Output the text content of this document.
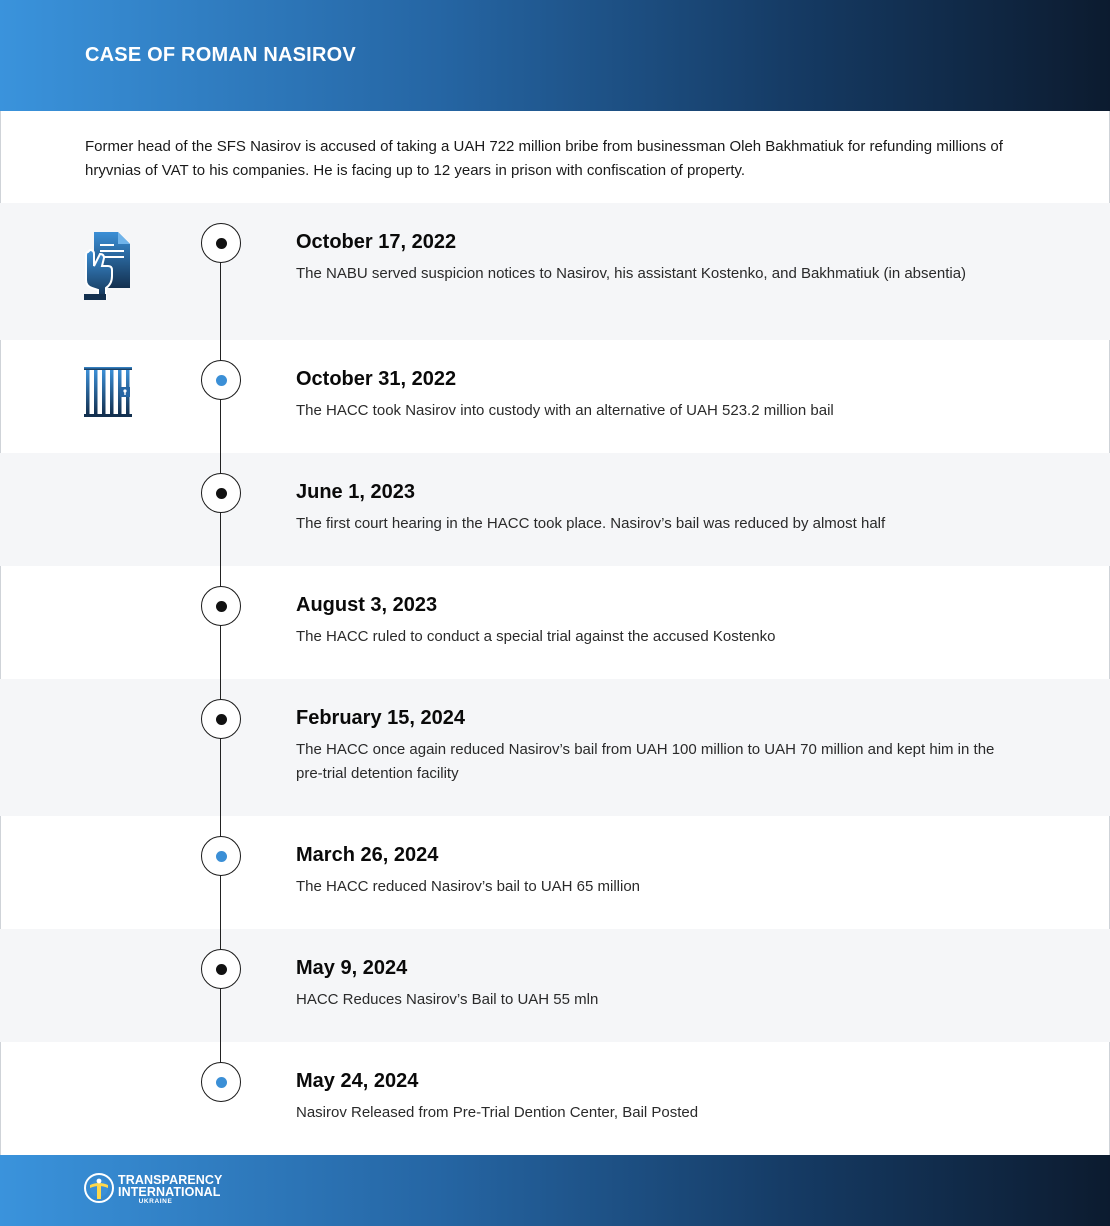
CASE OF ROMAN NASIROV

Former head of the SFS Nasirov is accused of taking a UAH 722 million bribe from businessman Oleh Bakhmatiuk for refunding millions of hryvnias of VAT to his companies. He is facing up to 12 years in prison with confiscation of property.

October 17, 2022
The NABU served suspicion notices to Nasirov, his assistant Kostenko, and Bakhmatiuk (in absentia)
October 31, 2022
The HACC took Nasirov into custody with an alternative of UAH 523.2 million bail
June 1, 2023
The first court hearing in the HACC took place. Nasirov’s bail was reduced by almost half
August 3, 2023
The HACC ruled to conduct a special trial against the accused Kostenko
February 15, 2024
The HACC once again reduced Nasirov’s bail from UAH 100 million to UAH 70 million and kept him in the pre-trial detention facility
March 26, 2024
The HACC reduced Nasirov’s bail to UAH 65 million
May 9, 2024
HACC Reduces Nasirov’s Bail to UAH 55 mln
May 24, 2024
Nasirov Released from Pre-Trial Dention Center, Bail Posted
TRANSPARENCY
INTERNATIONAL
UKRAINE
